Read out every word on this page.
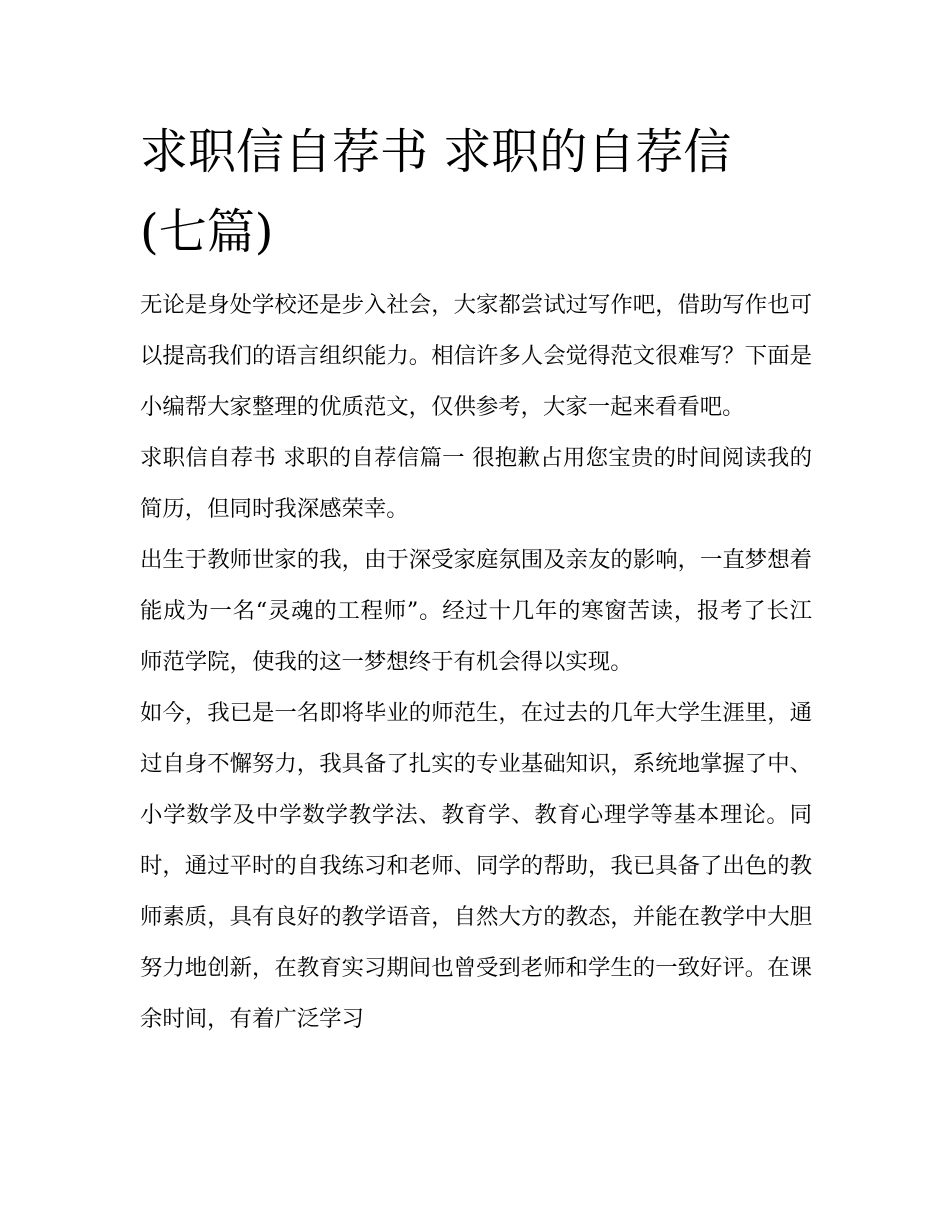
求职信自荐书 求职的自荐信(七篇)

无论是身处学校还是步入社会，大家都尝试过写作吧，借助写作也可以提高我们的语言组织能力。相信许多人会觉得范文很难写？下面是小编帮大家整理的优质范文，仅供参考，大家一起来看看吧。

求职信自荐书 求职的自荐信篇一 很抱歉占用您宝贵的时间阅读我的简历，但同时我深感荣幸。

出生于教师世家的我，由于深受家庭氛围及亲友的影响，一直梦想着能成为一名“灵魂的工程师”。经过十几年的寒窗苦读，报考了长江师范学院，使我的这一梦想终于有机会得以实现。

如今，我已是一名即将毕业的师范生，在过去的几年大学生涯里，通过自身不懈努力，我具备了扎实的专业基础知识，系统地掌握了中、小学数学及中学数学教学法、教育学、教育心理学等基本理论。同时，通过平时的自我练习和老师、同学的帮助，我已具备了出色的教师素质，具有良好的教学语音，自然大方的教态，并能在教学中大胆努力地创新，在教育实习期间也曾受到老师和学生的一致好评。在课余时间，有着广泛学习
